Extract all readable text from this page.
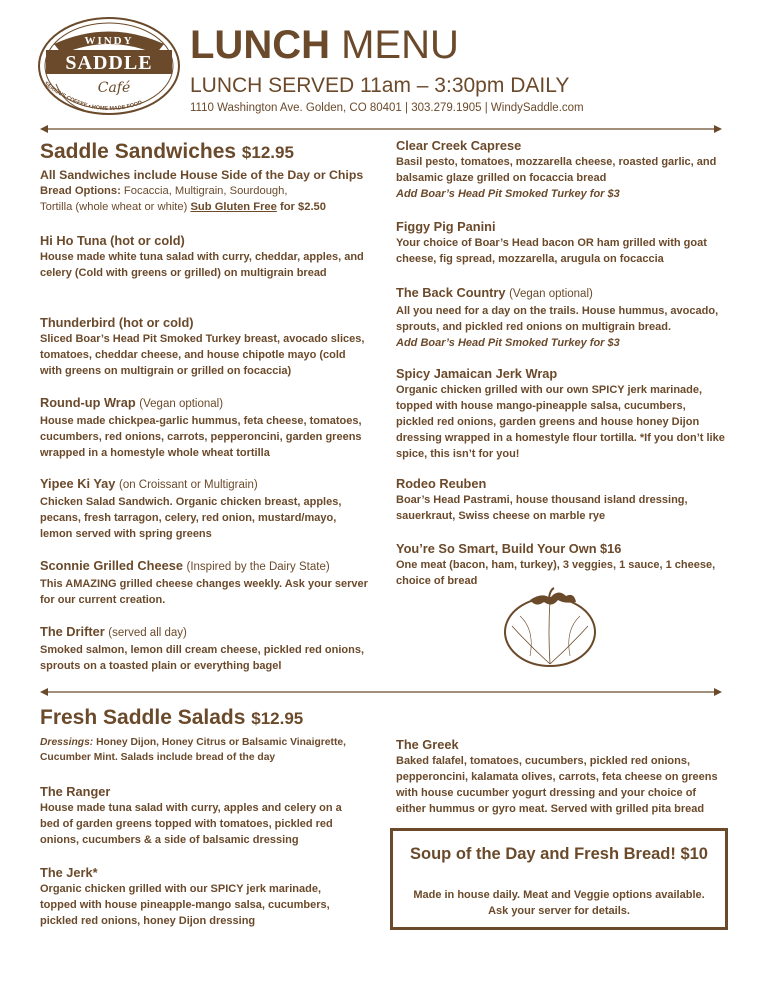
WINDY
SADDLE
Café
SERIOUS COFFEE • HOME MADE FOOD
LUNCH MENU
LUNCH SERVED 11am – 3:30pm DAILY
1110 Washington Ave. Golden, CO 80401 | 303.279.1905 | WindySaddle.com
Saddle Sandwiches $12.95
All Sandwiches include House Side of the Day or Chips
Bread Options: Focaccia, Multigrain, Sourdough,
Tortilla (whole wheat or white) Sub Gluten Free for $2.50
Hi Ho Tuna (hot or cold)
House made white tuna salad with curry, cheddar, apples, and celery (Cold with greens or grilled) on multigrain bread
Thunderbird (hot or cold)
Sliced Boar’s Head Pit Smoked Turkey breast, avocado slices, tomatoes, cheddar cheese, and house chipotle mayo (cold with greens on multigrain or grilled on focaccia)
Round-up Wrap (Vegan optional)
House made chickpea-garlic hummus, feta cheese, tomatoes, cucumbers, red onions, carrots, pepperoncini, garden greens wrapped in a homestyle whole wheat tortilla
Yipee Ki Yay (on Croissant or Multigrain)
Chicken Salad Sandwich. Organic chicken breast, apples, pecans, fresh tarragon, celery, red onion, mustard/mayo, lemon served with spring greens
Sconnie Grilled Cheese (Inspired by the Dairy State)
This AMAZING grilled cheese changes weekly. Ask your server for our current creation.
The Drifter (served all day)
Smoked salmon, lemon dill cream cheese, pickled red onions, sprouts on a toasted plain or everything bagel
Clear Creek Caprese
Basil pesto, tomatoes, mozzarella cheese, roasted garlic, and balsamic glaze grilled on focaccia bread
Add Boar’s Head Pit Smoked Turkey for $3
Figgy Pig Panini
Your choice of Boar’s Head bacon OR ham grilled with goat cheese, fig spread, mozzarella, arugula on focaccia
The Back Country (Vegan optional)
All you need for a day on the trails. House hummus, avocado, sprouts, and pickled red onions on multigrain bread.
Add Boar’s Head Pit Smoked Turkey for $3
Spicy Jamaican Jerk Wrap
Organic chicken grilled with our own SPICY jerk marinade, topped with house mango-pineapple salsa, cucumbers, pickled red onions, garden greens and house honey Dijon dressing wrapped in a homestyle flour tortilla. *If you don’t like spice, this isn’t for you!
Rodeo Reuben
Boar’s Head Pastrami, house thousand island dressing, sauerkraut, Swiss cheese on marble rye
You’re So Smart, Build Your Own $16
One meat (bacon, ham, turkey), 3 veggies, 1 sauce, 1 cheese, choice of bread
Fresh Saddle Salads $12.95
Dressings: Honey Dijon, Honey Citrus or Balsamic Vinaigrette,
Cucumber Mint. Salads include bread of the day
The Ranger
House made tuna salad with curry, apples and celery on a bed of garden greens topped with tomatoes, pickled red onions, cucumbers & a side of balsamic dressing
The Jerk*
Organic chicken grilled with our SPICY jerk marinade, topped with house pineapple-mango salsa, cucumbers, pickled red onions, honey Dijon dressing
The Greek
Baked falafel, tomatoes, cucumbers, pickled red onions, pepperoncini, kalamata olives, carrots, feta cheese on greens with house cucumber yogurt dressing and your choice of either hummus or gyro meat. Served with grilled pita bread
Soup of the Day and Fresh Bread! $10
Made in house daily. Meat and Veggie options available.
Ask your server for details.
